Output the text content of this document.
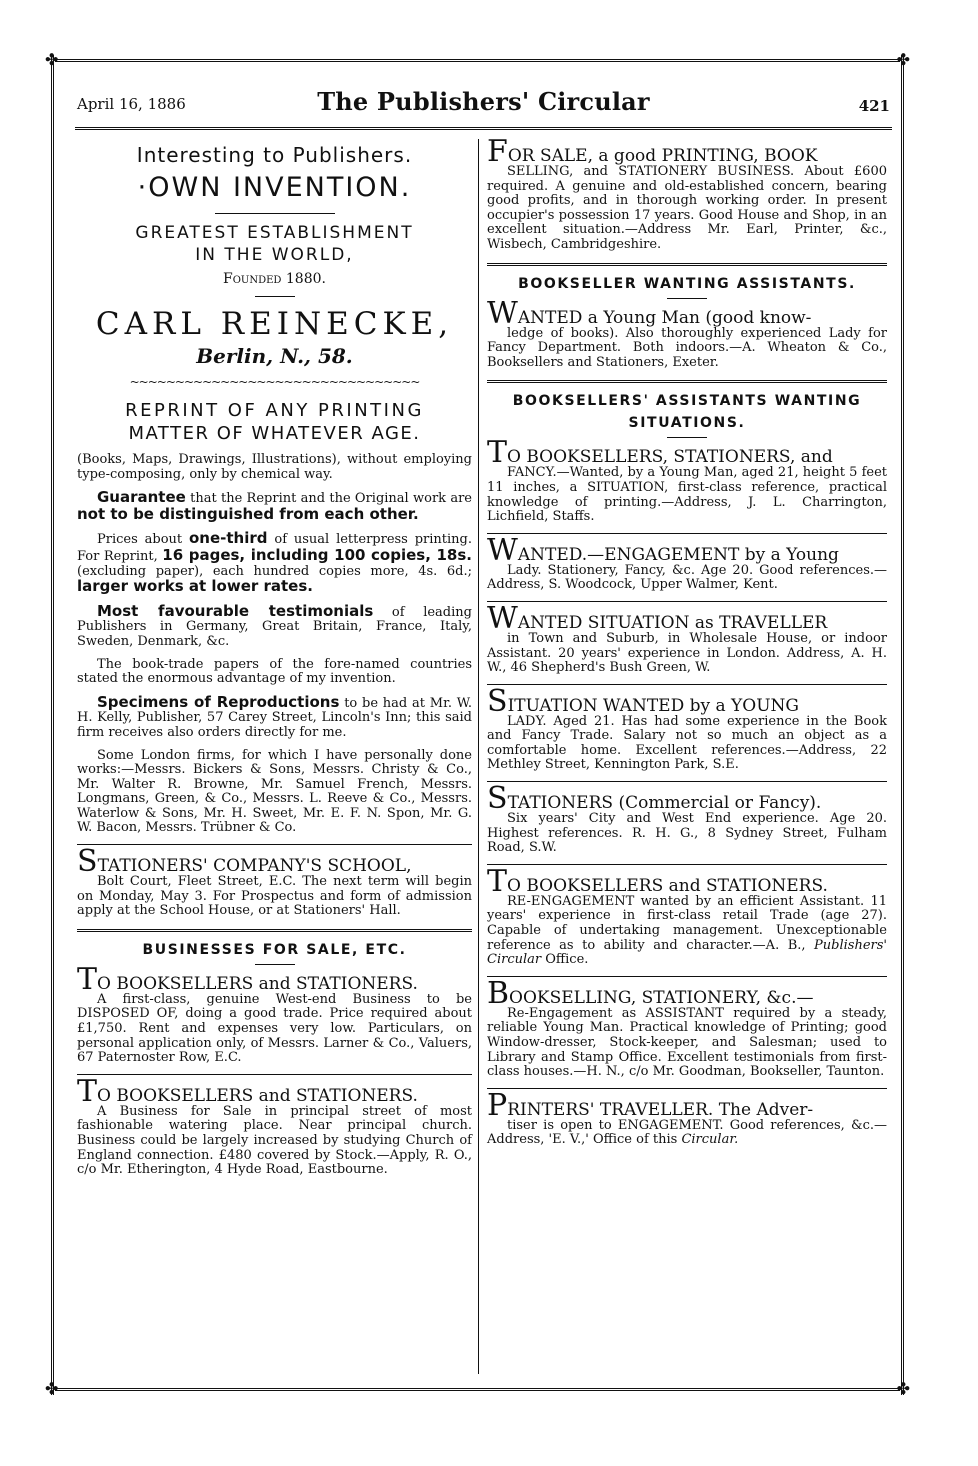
✤	✤
✤	✤
April 16, 1886	The Publishers' Circular	421
Interesting to Publishers.
·OWN INVENTION.
GREATEST ESTABLISHMENT
IN THE WORLD,
Founded 1880.
CARL REINECKE,
Berlin, N., 58.
~~~~~~~~~~~~~~~~~~~~~~~~~~~~~~~~
REPRINT OF ANY PRINTING
MATTER OF WHATEVER AGE.

(Books, Maps, Drawings, Illustrations), without employing type-composing, only by chemical way.

Guarantee that the Reprint and the Original work are not to be distinguished from each other.

Prices about one-third of usual letterpress printing. For Reprint, 16 pages, including 100 copies, 18s. (excluding paper), each hundred copies more, 4s. 6d.; larger works at lower rates.

Most favourable testimonials of leading Publishers in Germany, Great Britain, France, Italy, Sweden, Denmark, &c.

The book-trade papers of the fore-named countries stated the enormous advantage of my invention.

Specimens of Reproductions to be had at Mr. W. H. Kelly, Publisher, 57 Carey Street, Lincoln's Inn; this said firm receives also orders directly for me.

Some London firms, for which I have personally done works:—Messrs. Bickers & Sons, Messrs. Christy & Co., Mr. Walter R. Browne, Mr. Samuel French, Messrs. Longmans, Green, & Co., Messrs. L. Reeve & Co., Messrs. Waterlow & Sons, Mr. H. Sweet, Mr. E. F. N. Spon, Mr. G. W. Bacon, Messrs. Trübner & Co.

STATIONERS' COMPANY'S SCHOOL,

Bolt Court, Fleet Street, E.C. The next term will begin on Monday, May 3. For Prospectus and form of admission apply at the School House, or at Stationers' Hall.

BUSINESSES FOR SALE, ETC.

TO BOOKSELLERS and STATIONERS.

A first-class, genuine West-end Business to be DISPOSED OF, doing a good trade. Price required about £1,750. Rent and expenses very low. Particulars, on personal application only, of Messrs. Larner & Co., Valuers, 67 Paternoster Row, E.C.

TO BOOKSELLERS and STATIONERS.

A Business for Sale in principal street of most fashionable watering place. Near principal church. Business could be largely increased by studying Church of England connection. £480 covered by Stock.—Apply, R. O., c/o Mr. Etherington, 4 Hyde Road, Eastbourne.

FOR SALE, a good PRINTING, BOOK

SELLING, and STATIONERY BUSINESS. About £600 required. A genuine and old-established concern, bearing good profits, and in thorough working order. In present occupier's possession 17 years. Good House and Shop, in an excellent situation.—Address Mr. Earl, Printer, &c., Wisbech, Cambridgeshire.

BOOKSELLER WANTING ASSISTANTS.

WANTED a Young Man (good know-

ledge of books). Also thoroughly experienced Lady for Fancy Department. Both indoors.—A. Wheaton & Co., Booksellers and Stationers, Exeter.

BOOKSELLERS' ASSISTANTS WANTING
SITUATIONS.

TO BOOKSELLERS, STATIONERS, and

FANCY.—Wanted, by a Young Man, aged 21, height 5 feet 11 inches, a SITUATION, first-class reference, practical knowledge of printing.—Address, J. L. Charrington, Lichfield, Staffs.

WANTED.—ENGAGEMENT by a Young

Lady. Stationery, Fancy, &c. Age 20. Good references.—Address, S. Woodcock, Upper Walmer, Kent.

WANTED SITUATION as TRAVELLER

in Town and Suburb, in Wholesale House, or indoor Assistant. 20 years' experience in London. Address, A. H. W., 46 Shepherd's Bush Green, W.

SITUATION WANTED by a YOUNG

LADY. Aged 21. Has had some experience in the Book and Fancy Trade. Salary not so much an object as a comfortable home. Excellent references.—Address, 22 Methley Street, Kennington Park, S.E.

STATIONERS (Commercial or Fancy).

Six years' City and West End experience. Age 20. Highest references. R. H. G., 8 Sydney Street, Fulham Road, S.W.

TO BOOKSELLERS and STATIONERS.

RE-ENGAGEMENT wanted by an efficient Assistant. 11 years' experience in first-class retail Trade (age 27). Capable of undertaking management. Unexceptionable reference as to ability and character.—A. B., Publishers' Circular Office.

BOOKSELLING, STATIONERY, &c.—

Re-Engagement as ASSISTANT required by a steady, reliable Young Man. Practical knowledge of Printing; good Window-dresser, Stock-keeper, and Salesman; used to Library and Stamp Office. Excellent testimonials from first-class houses.—H. N., c/o Mr. Goodman, Bookseller, Taunton.

PRINTERS' TRAVELLER. The Adver-

tiser is open to ENGAGEMENT. Good references, &c.—Address, 'E. V.,' Office of this Circular.
